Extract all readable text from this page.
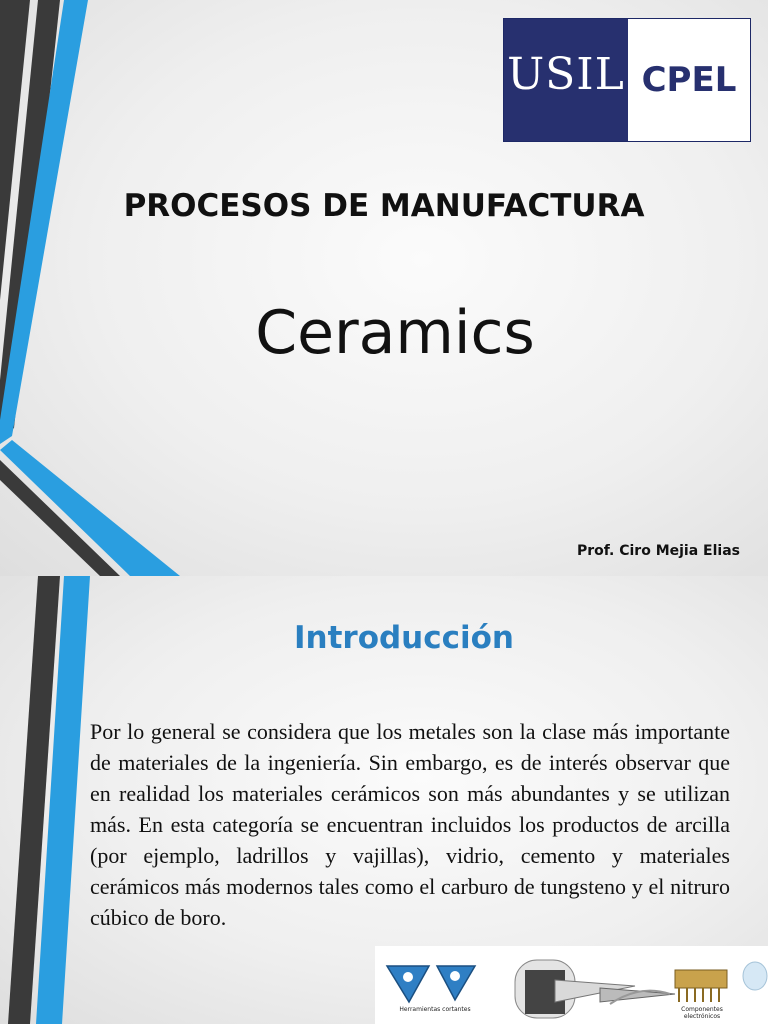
USIL CPEL
PROCESOS DE MANUFACTURA
Ceramics
Prof. Ciro Mejia Elias
Introducción
Por lo general se considera que los metales son la clase más importante de materiales de la ingeniería. Sin embargo, es de interés observar que en realidad los materiales cerámicos son más abundantes y se utilizan más. En esta categoría se encuentran incluidos los productos de arcilla (por ejemplo, ladrillos y vajillas), vidrio, cemento y materiales cerámicos más modernos tales como el carburo de tungsteno y el nitruro cúbico de boro.
Herramientas cortantes	Componentes electrónicos
